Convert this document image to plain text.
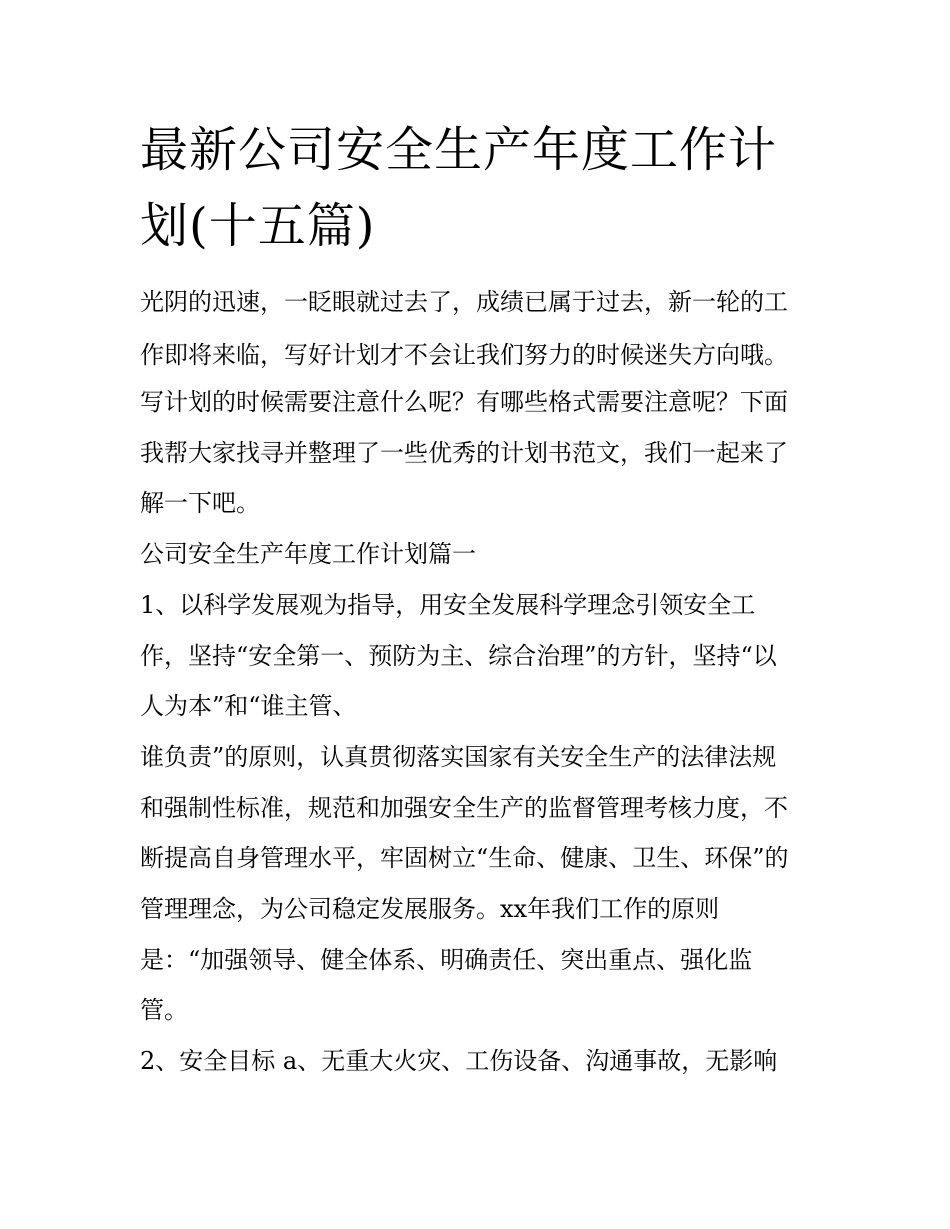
最新公司安全生产年度工作计划(十五篇)

光阴的迅速，一眨眼就过去了，成绩已属于过去，新一轮的工

作即将来临，写好计划才不会让我们努力的时候迷失方向哦。

写计划的时候需要注意什么呢？有哪些格式需要注意呢？下面

我帮大家找寻并整理了一些优秀的计划书范文，我们一起来了

解一下吧。

公司安全生产年度工作计划篇一

1、以科学发展观为指导，用安全发展科学理念引领安全工

作，坚持“安全第一、预防为主、综合治理”的方针，坚持“以

人为本”和“谁主管、

谁负责”的原则，认真贯彻落实国家有关安全生产的法律法规

和强制性标准，规范和加强安全生产的监督管理考核力度，不

断提高自身管理水平，牢固树立“生命、健康、卫生、环保”的

管理理念，为公司稳定发展服务。xx年我们工作的原则

是：“加强领导、健全体系、明确责任、突出重点、强化监

管。

2、安全目标 a、无重大火灾、工伤设备、沟通事故，无影响
